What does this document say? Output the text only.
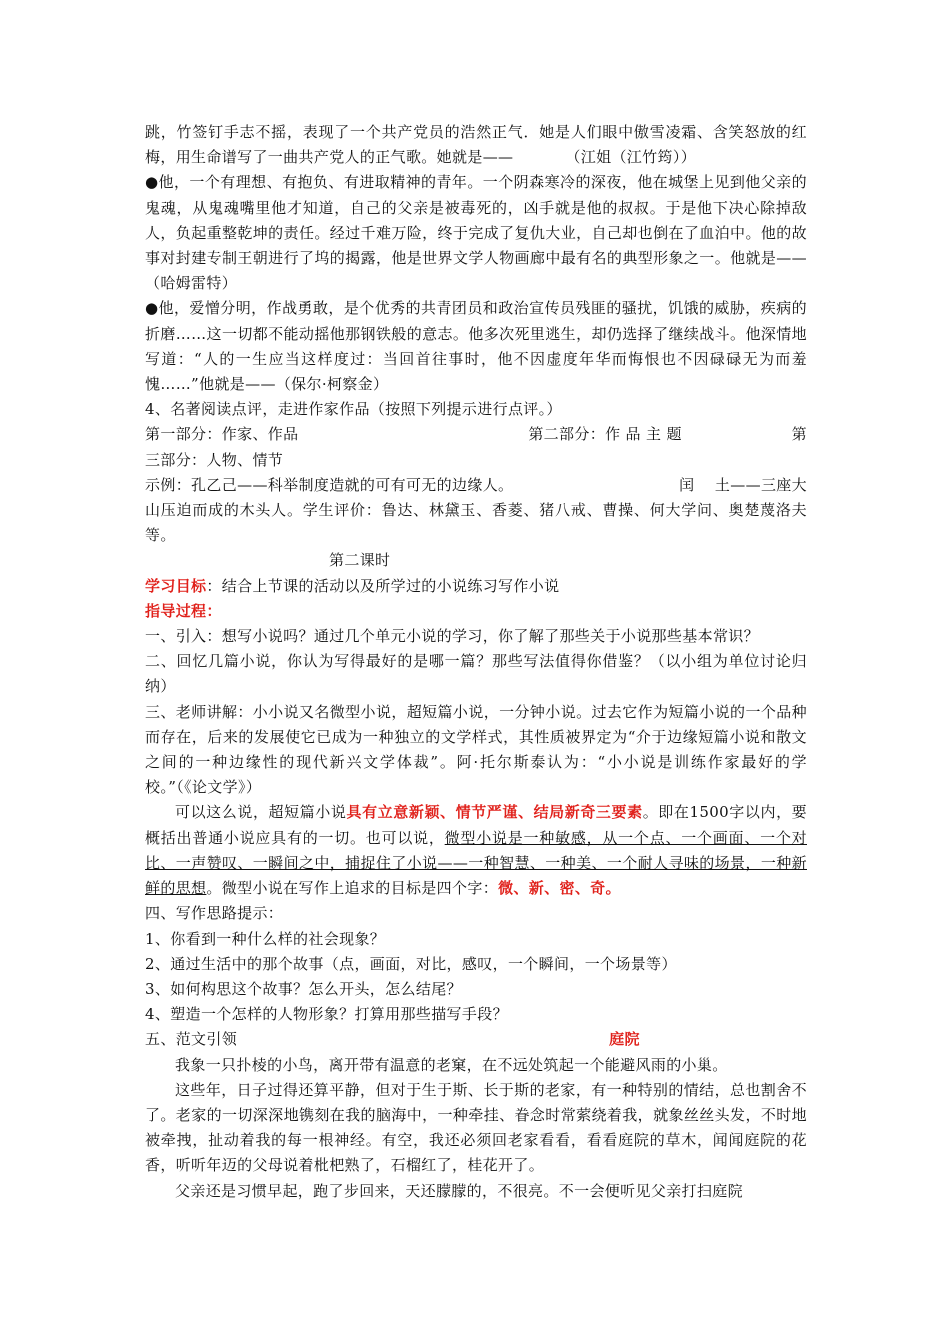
跳，竹签钉手志不摇，表现了一个共产党员的浩然正气．她是人们眼中傲雪凌霜、含笑怒放的红梅，用生命谱写了一曲共产党人的正气歌。她就是——	（江姐（江竹筠））

●他，一个有理想、有抱负、有进取精神的青年。一个阴森寒冷的深夜，他在城堡上见到他父亲的鬼魂，从鬼魂嘴里他才知道，自己的父亲是被毒死的，凶手就是他的叔叔。于是他下决心除掉敌人，负起重整乾坤的责任。经过千难万险，终于完成了复仇大业，自己却也倒在了血泊中。他的故事对封建专制王朝进行了坞的揭露，他是世界文学人物画廊中最有名的典型形象之一。他就是——（哈姆雷特）

●他，爱憎分明，作战勇敢，是个优秀的共青团员和政治宣传员残匪的骚扰，饥饿的威胁，疾病的折磨……这一切都不能动摇他那钢铁般的意志。他多次死里逃生，却仍选择了继续战斗。他深情地写道：“人的一生应当这样度过：当回首往事时，他不因虚度年华而悔恨也不因碌碌无为而羞愧……”他就是——（保尔·柯察金）

4、名著阅读点评，走进作家作品（按照下列提示进行点评。）

第一部分：作家、作品	第二部分：作 品 主 题	第

三部分：人物、情节

示例：孔乙己——科举制度造就的可有可无的边缘人。	闰　 土——三座大

山压迫而成的木头人。学生评价：鲁达、林黛玉、香菱、猪八戒、曹操、何大学问、奥楚蔑洛夫等。

第二课时

学习目标：结合上节课的活动以及所学过的小说练习写作小说

指导过程：

一、引入：想写小说吗？通过几个单元小说的学习，你了解了那些关于小说那些基本常识？

二、回忆几篇小说，你认为写得最好的是哪一篇？那些写法值得你借鉴？（以小组为单位讨论归纳）

三、老师讲解：小小说又名微型小说，超短篇小说，一分钟小说。过去它作为短篇小说的一个品种而存在，后来的发展使它已成为一种独立的文学样式，其性质被界定为“介于边缘短篇小说和散文之间的一种边缘性的现代新兴文学体裁”。阿·托尔斯泰认为：“小小说是训练作家最好的学校。”（《论文学》）

可以这么说，超短篇小说具有立意新颖、情节严谨、结局新奇三要素。即在1500字以内，要概括出普通小说应具有的一切。也可以说，微型小说是一种敏感，从一个点、一个画面、一个对比、一声赞叹、一瞬间之中，捕捉住了小说——一种智慧、一种美、一个耐人寻味的场景，一种新鲜的思想。微型小说在写作上追求的目标是四个字：微、新、密、奇。

四、写作思路提示：

1、你看到一种什么样的社会现象？

2、通过生活中的那个故事（点，画面，对比，感叹，一个瞬间，一个场景等）

3、如何构思这个故事？怎么开头，怎么结尾？

4、塑造一个怎样的人物形象？打算用那些描写手段？

五、范文引领	庭院

我象一只扑棱的小鸟，离开带有温意的老窠，在不远处筑起一个能避风雨的小巢。

这些年，日子过得还算平静，但对于生于斯、长于斯的老家，有一种特别的情结，总也割舍不了。老家的一切深深地镌刻在我的脑海中，一种牵挂、眷念时常萦绕着我，就象丝丝头发，不时地被牵拽，扯动着我的每一根神经。有空，我还必须回老家看看，看看庭院的草木，闻闻庭院的花香，听听年迈的父母说着枇杷熟了，石榴红了，桂花开了。

父亲还是习惯早起，跑了步回来，天还朦朦的，不很亮。不一会便听见父亲打扫庭院
